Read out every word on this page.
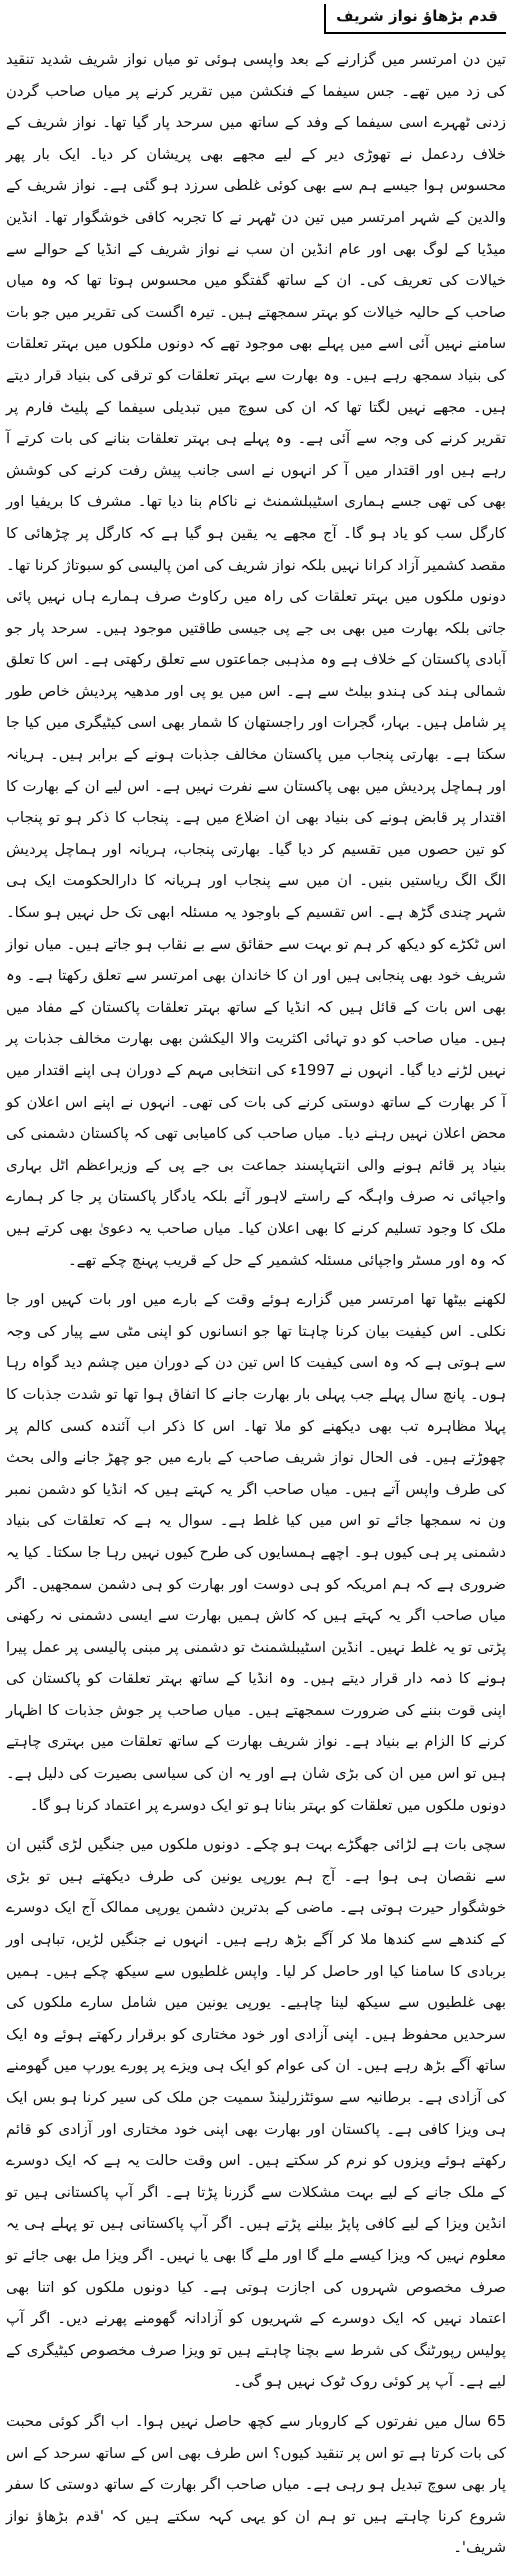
قدم بڑھاؤ نواز شریف

تین دن امرتسر میں گزارنے کے بعد واپسی ہوئی تو میاں نواز شریف شدید تنقید کی زد میں تھے۔ جس سیفما کے فنکشن میں تقریر کرنے پر میاں صاحب گردن زدنی ٹھہرے اسی سیفما کے وفد کے ساتھ میں سرحد پار گیا تھا۔ نواز شریف کے خلاف ردعمل نے تھوڑی دیر کے لیے مجھے بھی پریشان کر دیا۔ ایک بار پھر محسوس ہوا جیسے ہم سے بھی کوئی غلطی سرزد ہو گئی ہے۔ نواز شریف کے والدین کے شہر امرتسر میں تین دن ٹھہر نے کا تجربہ کافی خوشگوار تھا۔ انڈین میڈیا کے لوگ بھی اور عام انڈین ان سب نے نواز شریف کے انڈیا کے حوالے سے خیالات کی تعریف کی۔ ان کے ساتھ گفتگو میں محسوس ہوتا تھا کہ وہ میاں صاحب کے حالیہ خیالات کو بہتر سمجھتے ہیں۔ تیرہ اگست کی تقریر میں جو بات سامنے نہیں آئی اسے میں پہلے بھی موجود تھے کہ دونوں ملکوں میں بہتر تعلقات کی بنیاد سمجھ رہے ہیں۔ وہ بھارت سے بہتر تعلقات کو ترقی کی بنیاد قرار دیتے ہیں۔ مجھے نہیں لگتا تھا کہ ان کی سوچ میں تبدیلی سیفما کے پلیٹ فارم پر تقریر کرنے کی وجہ سے آئی ہے۔ وہ پہلے ہی بہتر تعلقات بنانے کی بات کرتے آ رہے ہیں اور اقتدار میں آ کر انہوں نے اسی جانب پیش رفت کرنے کی کوشش بھی کی تھی جسے ہماری اسٹیبلشمنٹ نے ناکام بنا دیا تھا۔ مشرف کا بریفیا اور کارگل سب کو یاد ہو گا۔ آج مجھے یہ یقین ہو گیا ہے کہ کارگل پر چڑھائی کا مقصد کشمیر آزاد کرانا نہیں بلکہ نواز شریف کی امن پالیسی کو سبوتاژ کرنا تھا۔ دونوں ملکوں میں بہتر تعلقات کی راہ میں رکاوٹ صرف ہمارے ہاں نہیں پائی جاتی بلکہ بھارت میں بھی بی جے پی جیسی طاقتیں موجود ہیں۔ سرحد پار جو آبادی پاکستان کے خلاف ہے وہ مذہبی جماعتوں سے تعلق رکھتی ہے۔ اس کا تعلق شمالی ہند کی ہندو بیلٹ سے ہے۔ اس میں یو پی اور مدھیہ پردیش خاص طور پر شامل ہیں۔ بہار، گجرات اور راجستھان کا شمار بھی اسی کیٹیگری میں کیا جا سکتا ہے۔ بھارتی پنجاب میں پاکستان مخالف جذبات ہونے کے برابر ہیں۔ ہریانہ اور ہماچل پردیش میں بھی پاکستان سے نفرت نہیں ہے۔ اس لیے ان کے بھارت کا اقتدار پر قابض ہونے کی بنیاد بھی ان اضلاع میں ہے۔ پنجاب کا ذکر ہو تو پنجاب کو تین حصوں میں تقسیم کر دیا گیا۔ بھارتی پنجاب، ہریانہ اور ہماچل پردیش الگ الگ ریاستیں بنیں۔ ان میں سے پنجاب اور ہریانہ کا دارالحکومت ایک ہی شہر چندی گڑھ ہے۔ اس تقسیم کے باوجود یہ مسئلہ ابھی تک حل نہیں ہو سکا۔ اس ٹکڑے کو دیکھ کر ہم تو بہت سے حقائق سے بے نقاب ہو جاتے ہیں۔ میاں نواز شریف خود بھی پنجابی ہیں اور ان کا خاندان بھی امرتسر سے تعلق رکھتا ہے۔ وہ بھی اس بات کے قائل ہیں کہ انڈیا کے ساتھ بہتر تعلقات پاکستان کے مفاد میں ہیں۔ میاں صاحب کو دو تہائی اکثریت والا الیکشن بھی بھارت مخالف جذبات پر نہیں لڑنے دیا گیا۔ انہوں نے 1997ء کی انتخابی مہم کے دوران ہی اپنے اقتدار میں آ کر بھارت کے ساتھ دوستی کرنے کی بات کی تھی۔ انہوں نے اپنے اس اعلان کو محض اعلان نہیں رہنے دیا۔ میاں صاحب کی کامیابی تھی کہ پاکستان دشمنی کی بنیاد پر قائم ہونے والی انتہاپسند جماعت بی جے پی کے وزیراعظم اٹل بہاری واجپائی نہ صرف واہگہ کے راستے لاہور آئے بلکہ یادگار پاکستان پر جا کر ہمارے ملک کا وجود تسلیم کرنے کا بھی اعلان کیا۔ میاں صاحب یہ دعویٰ بھی کرتے ہیں کہ وہ اور مسٹر واجپائی مسئلہ کشمیر کے حل کے قریب پہنچ چکے تھے۔

لکھنے بیٹھا تھا امرتسر میں گزارے ہوئے وقت کے بارے میں اور بات کہیں اور جا نکلی۔ اس کیفیت بیان کرنا چاہتا تھا جو انسانوں کو اپنی مٹی سے پیار کی وجہ سے ہوتی ہے کہ وہ اسی کیفیت کا اس تین دن کے دوران میں چشم دید گواہ رہا ہوں۔ پانچ سال پہلے جب پہلی بار بھارت جانے کا اتفاق ہوا تھا تو شدت جذبات کا پہلا مظاہرہ تب بھی دیکھنے کو ملا تھا۔ اس کا ذکر اب آئندہ کسی کالم پر چھوڑتے ہیں۔ فی الحال نواز شریف صاحب کے بارے میں جو چھڑ جانے والی بحث کی طرف واپس آتے ہیں۔ میاں صاحب اگر یہ کہتے ہیں کہ انڈیا کو دشمن نمبر ون نہ سمجھا جائے تو اس میں کیا غلط ہے۔ سوال یہ ہے کہ تعلقات کی بنیاد دشمنی پر ہی کیوں ہو۔ اچھے ہمسایوں کی طرح کیوں نہیں رہا جا سکتا۔ کیا یہ ضروری ہے کہ ہم امریکہ کو ہی دوست اور بھارت کو ہی دشمن سمجھیں۔ اگر میاں صاحب اگر یہ کہتے ہیں کہ کاش ہمیں بھارت سے ایسی دشمنی نہ رکھنی پڑتی تو یہ غلط نہیں۔ انڈین اسٹیبلشمنٹ تو دشمنی پر مبنی پالیسی پر عمل پیرا ہونے کا ذمہ دار قرار دیتے ہیں۔ وہ انڈیا کے ساتھ بہتر تعلقات کو پاکستان کی اپنی قوت بننے کی ضرورت سمجھتے ہیں۔ میاں صاحب پر جوش جذبات کا اظہار کرنے کا الزام بے بنیاد ہے۔ نواز شریف بھارت کے ساتھ تعلقات میں بہتری چاہتے ہیں تو اس میں ان کی بڑی شان ہے اور یہ ان کی سیاسی بصیرت کی دلیل ہے۔ دونوں ملکوں میں تعلقات کو بہتر بنانا ہو تو ایک دوسرے پر اعتماد کرنا ہو گا۔

سچی بات ہے لڑائی جھگڑے بہت ہو چکے۔ دونوں ملکوں میں جنگیں لڑی گئیں ان سے نقصان ہی ہوا ہے۔ آج ہم یورپی یونین کی طرف دیکھتے ہیں تو بڑی خوشگوار حیرت ہوتی ہے۔ ماضی کے بدترین دشمن یورپی ممالک آج ایک دوسرے کے کندھے سے کندھا ملا کر آگے بڑھ رہے ہیں۔ انہوں نے جنگیں لڑیں، تباہی اور بربادی کا سامنا کیا اور حاصل کر لیا۔ واپس غلطیوں سے سیکھ چکے ہیں۔ ہمیں بھی غلطیوں سے سیکھ لینا چاہیے۔ یورپی یونین میں شامل سارے ملکوں کی سرحدیں محفوظ ہیں۔ اپنی آزادی اور خود مختاری کو برقرار رکھتے ہوئے وہ ایک ساتھ آگے بڑھ رہے ہیں۔ ان کی عوام کو ایک ہی ویزے پر پورے یورپ میں گھومنے کی آزادی ہے۔ برطانیہ سے سوئٹزرلینڈ سمیت جن ملک کی سیر کرنا ہو بس ایک ہی ویزا کافی ہے۔ پاکستان اور بھارت بھی اپنی خود مختاری اور آزادی کو قائم رکھتے ہوئے ویزوں کو نرم کر سکتے ہیں۔ اس وقت حالت یہ ہے کہ ایک دوسرے کے ملک جانے کے لیے بہت مشکلات سے گزرنا پڑتا ہے۔ اگر آپ پاکستانی ہیں تو انڈین ویزا کے لیے کافی پاپڑ بیلنے پڑتے ہیں۔ اگر آپ پاکستانی ہیں تو پہلے ہی یہ معلوم نہیں کہ ویزا کیسے ملے گا اور ملے گا بھی یا نہیں۔ اگر ویزا مل بھی جائے تو صرف مخصوص شہروں کی اجازت ہوتی ہے۔ کیا دونوں ملکوں کو اتنا بھی اعتماد نہیں کہ ایک دوسرے کے شہریوں کو آزادانہ گھومنے پھرنے دیں۔ اگر آپ پولیس رپورٹنگ کی شرط سے بچنا چاہتے ہیں تو ویزا صرف مخصوص کیٹیگری کے لیے ہے۔ آپ پر کوئی روک ٹوک نہیں ہو گی۔

65 سال میں نفرتوں کے کاروبار سے کچھ حاصل نہیں ہوا۔ اب اگر کوئی محبت کی بات کرتا ہے تو اس پر تنقید کیوں؟ اس طرف بھی اس کے ساتھ سرحد کے اس پار بھی سوچ تبدیل ہو رہی ہے۔ میاں صاحب اگر بھارت کے ساتھ دوستی کا سفر شروع کرنا چاہتے ہیں تو ہم ان کو یہی کہہ سکتے ہیں کہ 'قدم بڑھاؤ نواز شریف'۔
